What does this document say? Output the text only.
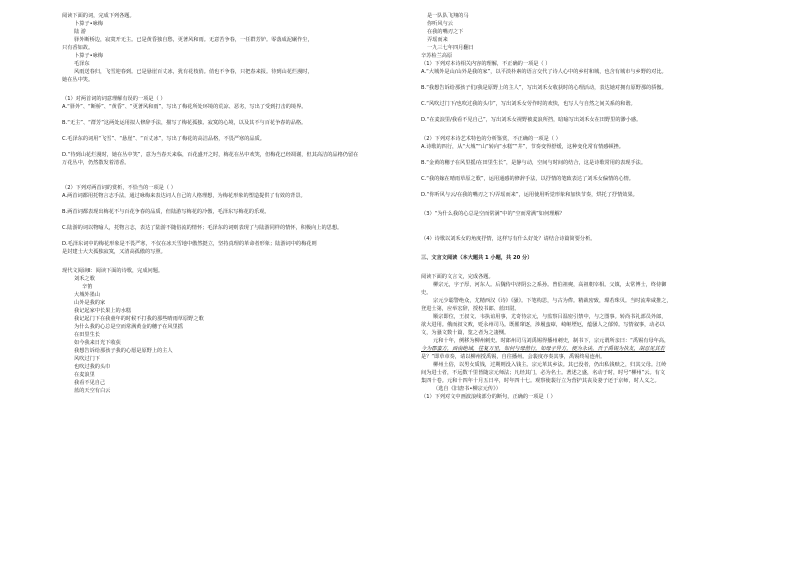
阅读下面的词，完成下列各题。
卜算子•咏梅
陆 游
驿外断桥边，寂寞开无主。已是黄昏独自愁，更著风和雨。无意苦争春，一任群芳妒。零落成泥碾作尘，
只有香如故。
卜算子•咏梅
毛泽东
风雨送春归，飞雪迎春到。已是悬崖百丈冰，犹有花枝俏。俏也不争春，只把春来报。待到山花烂漫时，
她在丛中笑。
（1）对两首词的词意理解有误的一项是（ ）
A.“驿外”、“断桥”、“黄昏”、“更著风和雨”，写出了梅花所处环境的荒凉、恶劣，写出了受到打击的境界。

B.“无主”、“群芳”这两处运用拟人修辞手法，描写了梅花孤独、寂寞的心境，以及其不与百花争春的品格。

C.毛泽东的词用“飞雪”、“悬崖”、“百丈冰”，写出了梅花的高洁品格，不畏严寒的品质。

D.“待到山花烂漫时，她在丛中笑”，意为当春天来临，百花盛开之时，梅花在丛中欢笑，但梅花已经凋谢，但其高洁的品格仍留在
万花丛中，仍然散发着清香。
（2）下列对两首词的赏析，不恰当的一项是（ ）
A.两首词都用托物言志手法，通过咏梅来表达词人自己的人格理想，为梅花形象的塑造提供了有效的背景。

B.两首词都表现出梅花不与百花争春的品质，但陆游写梅花的冷傲，毛泽东写梅花的乐观。

C.陆游的词以物喻人，托物言志，表达了陆游不随俗流的情怀；毛泽东的词则表现了与陆游同样的情怀，积极向上的思想。

D.毛泽东词中的梅花形象是不畏严寒，不仅在冰天雪地中傲然挺立，坚持真理的革命者形象；陆游词中的梅花则
是封建士大夫孤独寂寞，又清高孤傲的写照。
现代文阅读Ⅱ：阅读下面的诗歌，完成问题。
刘禾之歌
辛笛
大城外墨山
山外是我的家
我记起家中长果上的水糕
我记起门下在我童年的时候不打我的那些晴雨草原野之歌
为什么我的心总是空而常满黄金的穗子在风里摇
在田里生长
如今我来日光下收获
我想告诉给那孩子我的心愿是原野上的主人
风吹过门下
也吹过我的头巾
在麦浪里
我看不见自己
蓝的天空有白云
是一队队飞翔的马
你听风与云
在我的嘴刃之下
弄瑶而来
一九三七年四月翻日
辛苏检兰高原
（1）下列对本诗相关内容的理解，不正确的一项是（ ）
A.“大城外是山/山外是我的家”，以平淡朴素的语言交代了诗人心中的乡村和城，也含有城市与乡野的对比。

B.“我想告诉给那孩子们/我是原野上的主人”，写出刘禾女收获时的心理活动，表达她对拥有原野那的骄傲。

C.“风吹过门下/也吹过我的头巾”，写出刘禾女劳作时的欢快，也写人与自然之间关系的和谐。

D.“在麦浪里/我看不见自己”，写出刘禾女视野被麦浪所挡，暗喻写出刘禾女在田野里的渺小感。
（2）下列对本诗艺术特色的分析鉴赏，不正确的一项是（ ）
A.诗歌的四行，从“大城”“山”转向“水糕”“井”，节奏变得舒缓，这种变化常有情感顿挫。

B.“金黄的穗子在风里摇/在田里生长”，是静与动，空间与时间的结合，这是诗歌常用的表现手法。

C.“我的嫁在晴雨草原之歌”，运用通感的修辞手法，以抒情的笔致表达了刘禾女偏情的心情。

D.“你听风与云/在我的嘴刃之下/弄瑶而来”，运用使用听觉形象和加快节奏，烘托了抒情效果。
（3）“为什么我的心总是空而常满”中的“空而常满”如何理解？
（4）诗歌以刘禾女的角度抒情，这样写有什么好处？请结合诗篇简要分析。
三、文言文阅读（本大题共 1 小题，共 20 分）
阅读下面的文言文，完成各题。
柳宗元，字子厚，河东人。后魏侍中济阴公之系孙。曾伯祖奭，高祖朝宰相。父镇，太常博士，终侍御
史。
宗元少聪警绝众，尤精西汉《诗》《骚》。下笔构思，与古为侔。精裁密致，璨若珠贝。当时流辈咸推之，
登进士第，应举宏辞，授校书郎、蓝田尉。
顺宗即位，王叔文、韦执谊用事，尤奇待宗元，与监察吕温密引禁中，与之图事。转尚书礼部员外郎，
欲大进用。俄而叔文败，贬永州司马。既罹窜逐，涉履蛮瘴，崎岖堙厄，蕴骚人之郁悼。写情叙事，动必以
文，为骚文数十篇，览之者为之凄恻。
元和十年，例移为柳州刺史。时郎州司马刘禹锡得播州刺史，制书下，宗元谓所亲曰：“禹锡有母年高，
今为郡蛮方，西南绝域，往复万里，如何与母偕行。如母子异方，便为永诀。吾于禹锡为执友，胡忍见其若
是？”即草章奏，请以柳州授禹锡，自往播州。会裴度亦奏其事，禹锡终易连州。
柳州土俗，以男女质钱，过期则没入钱主。宗元革其乡法。其已没者，仍出私钱赎之，归其父母。江岭
间为进士者，不远数千里皆随宗元师法；凡经其门，必为名士。著述之盛，名动于时，时号“柳州”云。有文
集四十卷。元和十四年十月五日卒，时年四十七。观察使裴行立为营护其丧及妻子还于京师，时人义之。
（选自《旧唐书•柳宗元传》）
（1）下列对文中画波浪线部分的断句，正确的一项是（ ）
